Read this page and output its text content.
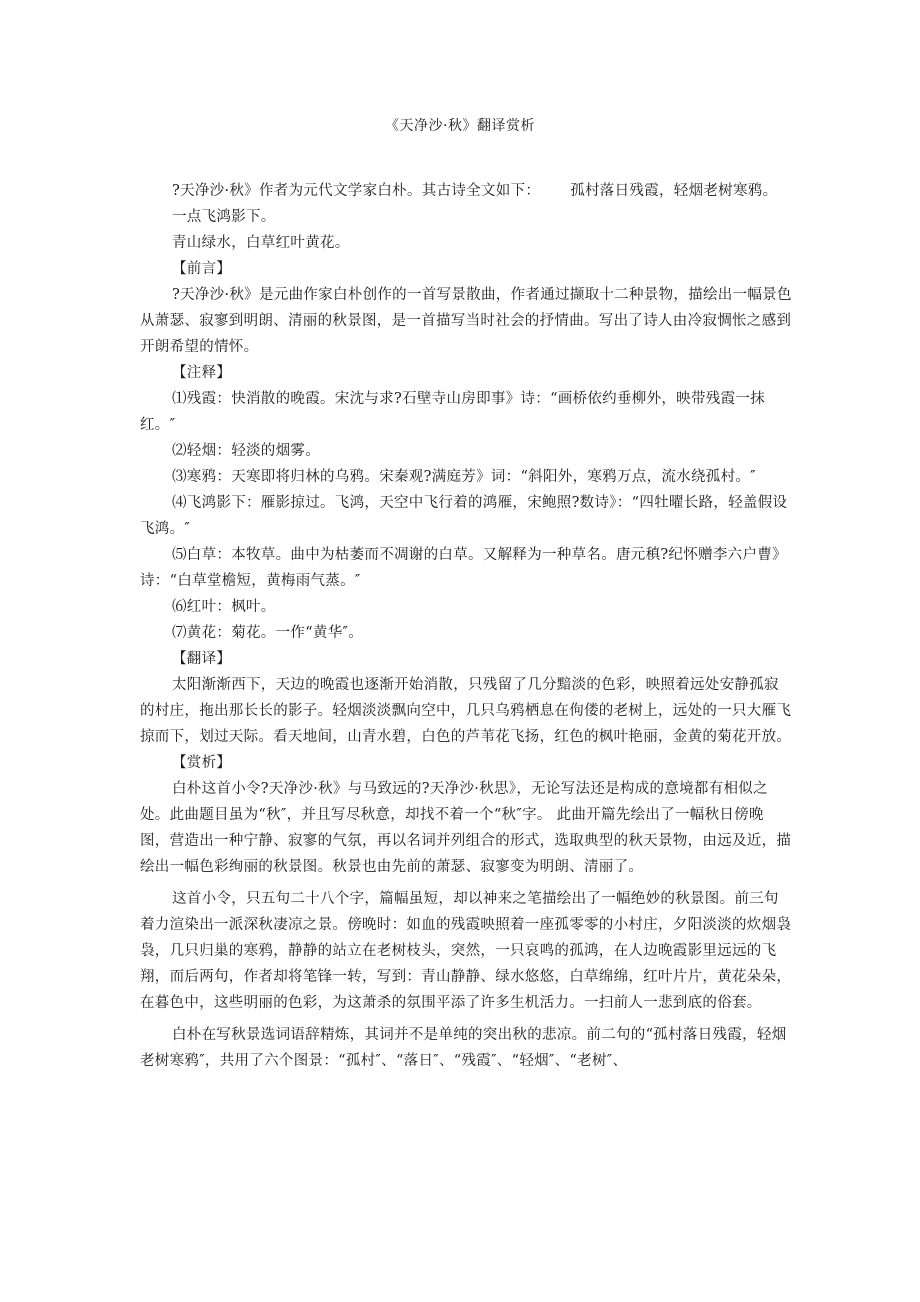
《天净沙·秋》翻译赏析

?天净沙·秋》作者为元代文学家白朴。其古诗全文如下： 孤村落日残霞，轻烟老树寒鸦。

一点飞鸿影下。

青山绿水，白草红叶黄花。

【前言】

?天净沙·秋》是元曲作家白朴创作的一首写景散曲，作者通过撷取十二种景物，描绘出一幅景色从萧瑟、寂寥到明朗、清丽的秋景图，是一首描写当时社会的抒情曲。写出了诗人由冷寂惆怅之感到开朗希望的情怀。

【注释】

⑴残霞：快消散的晚霞。宋沈与求?石壁寺山房即事》诗：“画桥依约垂柳外，映带残霞一抹红。″

⑵轻烟：轻淡的烟雾。

⑶寒鸦：天寒即将归林的乌鸦。宋秦观?满庭芳》词：“斜阳外，寒鸦万点，流水绕孤村。″

⑷飞鸿影下：雁影掠过。飞鸿，天空中飞行着的鸿雁，宋鲍照?数诗》：“四牡曜长路，轻盖假设飞鸿。″

⑸白草：本牧草。曲中为枯萎而不凋谢的白草。又解释为一种草名。唐元稹?纪怀赠李六户曹》诗：“白草堂檐短，黄梅雨气蒸。″

⑹红叶：枫叶。

⑺黄花：菊花。一作“黄华″。

【翻译】

太阳渐渐西下，天边的晚霞也逐渐开始消散，只残留了几分黯淡的色彩，映照着远处安静孤寂的村庄，拖出那长长的影子。轻烟淡淡飘向空中，几只乌鸦栖息在佝偻的老树上，远处的一只大雁飞掠而下，划过天际。看天地间，山青水碧，白色的芦苇花飞扬，红色的枫叶艳丽，金黄的菊花开放。

【赏析】

白朴这首小令?天净沙·秋》与马致远的?天净沙·秋思》，无论写法还是构成的意境都有相似之处。此曲题目虽为“秋″，并且写尽秋意，却找不着一个“秋″字。 此曲开篇先绘出了一幅秋日傍晚图，营造出一种宁静、寂寥的气氛，再以名词并列组合的形式，选取典型的秋天景物，由远及近，描绘出一幅色彩绚丽的秋景图。秋景也由先前的萧瑟、寂寥变为明朗、清丽了。

这首小令，只五句二十八个字，篇幅虽短，却以神来之笔描绘出了一幅绝妙的秋景图。前三句着力渲染出一派深秋凄凉之景。傍晚时：如血的残霞映照着一座孤零零的小村庄，夕阳淡淡的炊烟袅袅，几只归巢的寒鸦，静静的站立在老树枝头，突然，一只哀鸣的孤鸿，在人边晚霞影里远远的飞翔，而后两句，作者却将笔锋一转，写到：青山静静、绿水悠悠，白草绵绵，红叶片片，黄花朵朵，在暮色中，这些明丽的色彩，为这萧杀的氛围平添了许多生机活力。一扫前人一悲到底的俗套。

白朴在写秋景选词语辞精炼，其词并不是单纯的突出秋的悲凉。前二句的“孤村落日残霞，轻烟老树寒鸦″，共用了六个图景：“孤村″、“落日″、“残霞″、“轻烟″、“老树″、
